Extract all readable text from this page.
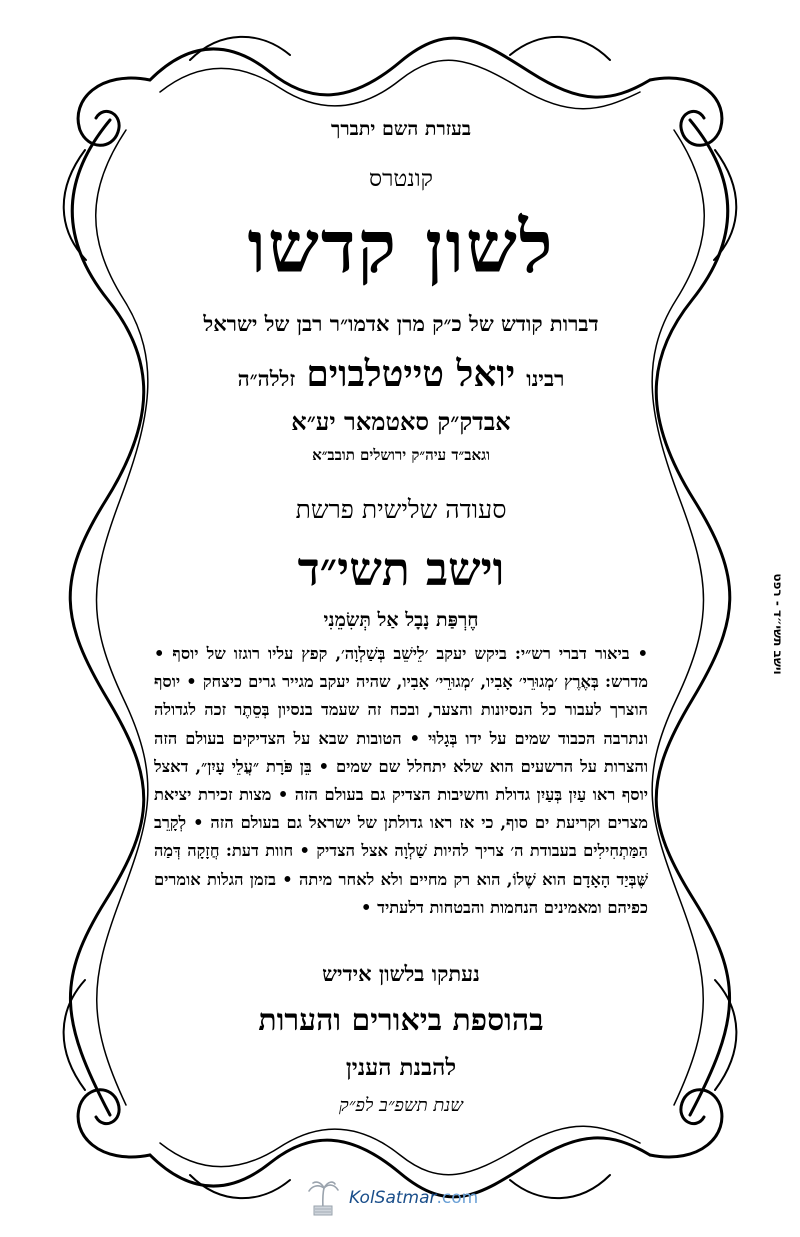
בעזרת השם יתברך

קונטרס

לשון קדשו

דברות קודש של כ״ק מרן אדמו״ר רבן של ישראל

רבינו יואל טייטלבוים זללה״ה

אבדק״ק סאטמאר יע״א

וגאב״ד עיה״ק ירושלים תובב״א

סעודה שלישית פרשת

וישב תשי״ד

חֶרְפַּת נָבָל אַל תְּשִׂמֵנִי

• ביאור דברי רש״י: ביקש יעקב ׳לֵישֵׁב בְּשַׁלְוָה׳, קפץ עליו רוגזו של יוסף • מדרש: בְּאֶרֶץ ׳מְגוּרֵי׳ אָבִיו, ׳מְגוּרֵי׳ אָבִיו, שהיה יעקב מגייר גרים כיצחק • יוסף הוצרך לעבור כל הנסיונות והצער, ובכח זה שעמד בנסיון בְּסֵתֶר זכה לגדולה ונתרבה הכבוד שמים על ידו בְּגָלוּי • הטובות שבא על הצדיקים בעולם הזה והצרות על הרשעים הוא שלא יתחלל שם שמים • בֵּן פֹּרָת ״עֲלֵי עָיִן״, דאצל יוסף ראו עַיִן בְּעַיִן גדולת וחשיבות הצדיק גם בעולם הזה • מצות זכירת יציאת מצרים וקריעת ים סוף, כי אז ראו גדולתן של ישראל גם בעולם הזה • לְקָרֵב הַמַּתְחִילִים בעבודת ה׳ צריך להיות שַׁלְוָה אצל הצדיק • חוות דעת: חֲזָקָה דְּמַה שֶּׁבְּיַד הָאָדָם הוא שֶׁלוֹ, הוא רק מחיים ולא לאחר מיתה • בזמן הגלות אומרים כפיהם ומאמינים הנחמות והבטחות דלעתיד •

נעתקו בלשון אידיש

בהוספת ביאורים והערות

להבנת הענין

שנת תשפ״ב לפ״ק

וישב תשי״ד - רפט
KolSatmar.com
